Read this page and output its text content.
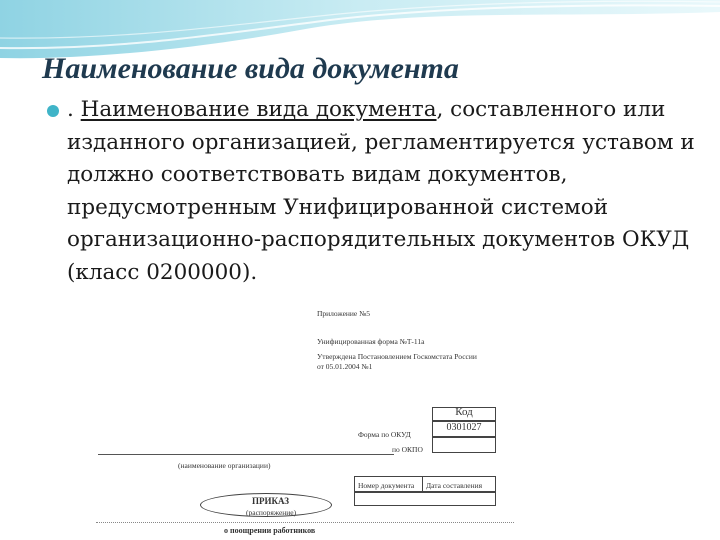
Наименование вида документа

. Наименование вида документа, составленного или изданного организацией, регламентируется уставом и должно соответствовать видам документов, предусмотренным Унифицированной системой организационно-распорядительных документов ОКУД (класс 0200000).

Приложение №5
Унифицированная форма №Т-11а
Утверждена Постановлением Госкомстата России
от 05.01.2004 №1
Код
0301027
Форма по ОКУД
по ОКПО
(наименование организации)
Номер документа Дата составления
ПРИКАЗ
(распоряжение)
о поощрении работников
